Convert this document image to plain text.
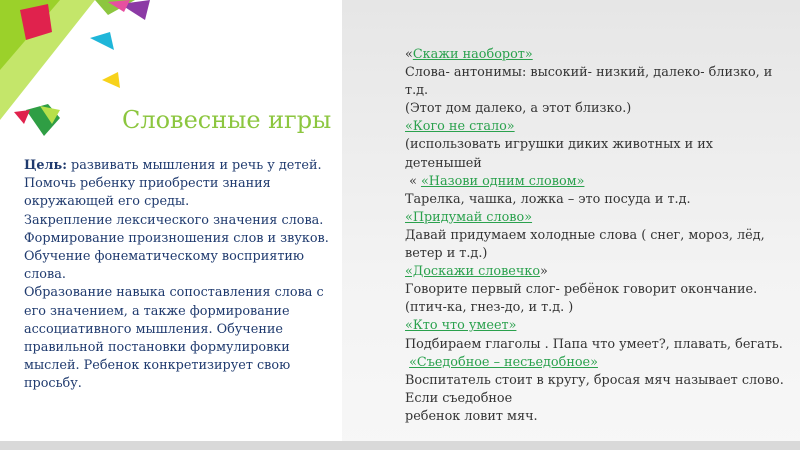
Словесные игры

Цель: развивать мышления и речь у детей.

Помочь ребенку приобрести знания окружающей его среды.

Закрепление лексического значения слова. Формирование произношения слов и звуков.

Обучение фонематическому восприятию слова.

Образование навыка сопоставления слова с его значением, а также формирование ассоциативного мышления. Обучение правильной постановки формулировки мыслей. Ребенок конкретизирует свою просьбу.

«Скажи наоборот»

Слова- антонимы: высокий- низкий, далеко- близко, и т.д.

(Этот дом далеко, а этот близко.)

«Кого не стало»

(использовать игрушки диких животных и их детенышей

« «Назови одним словом»

Тарелка, чашка, ложка – это посуда и т.д.

«Придумай слово»

Давай придумаем холодные слова ( снег, мороз, лёд, ветер и т.д.)

«Доскажи словечко»

Говорите первый слог- ребёнок говорит окончание.(птич-ка, гнез-до, и т.д. )

«Кто что умеет»

Подбираем глаголы . Папа что умеет?, плавать, бегать.

«Съедобное – несъедобное»

Воспитатель стоит в кругу, бросая мяч называет слово. Если съедобное

ребенок ловит мяч.
